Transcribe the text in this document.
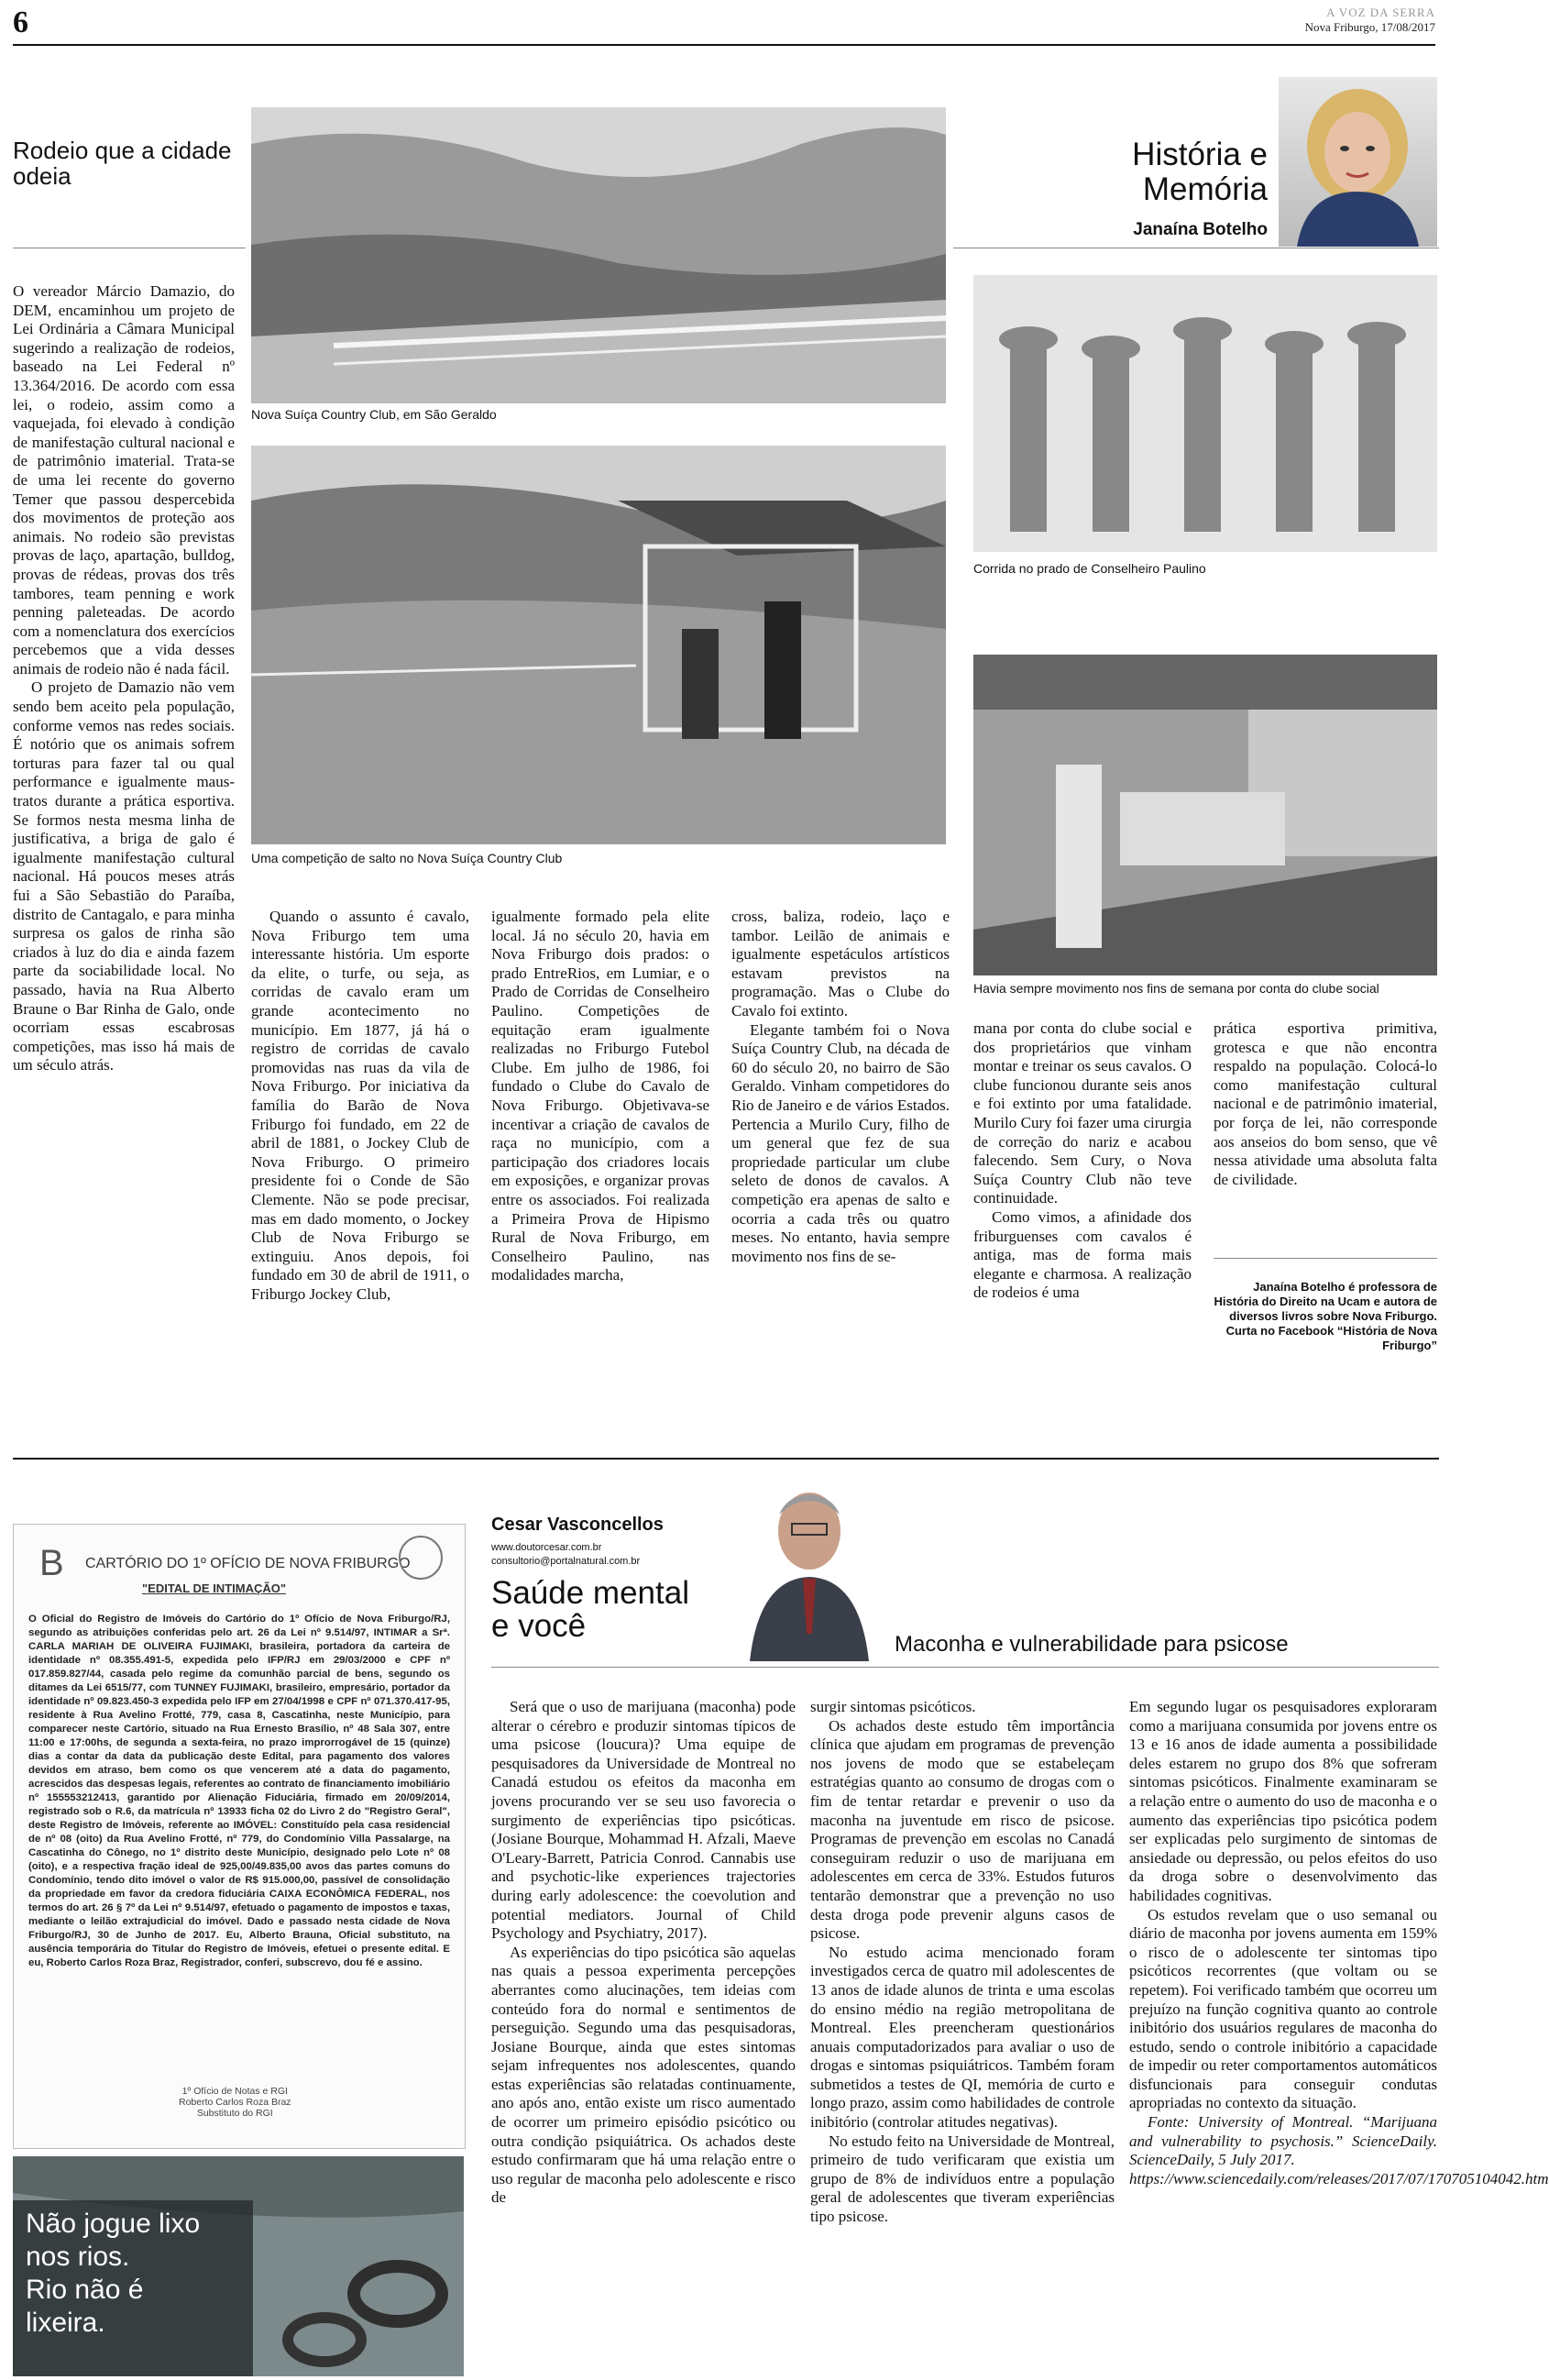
6	A VOZ DA SERRA
Nova Friburgo, 17/08/2017
Rodeio que a cidade odeia
História e
Memória
Janaína Botelho
Nova Suíça Country Club, em São Geraldo
Uma competição de salto no Nova Suíça Country Club
Corrida no prado de Conselheiro Paulino
Havia sempre movimento nos fins de semana por conta do clube social

O vereador Márcio Damazio, do DEM, encaminhou um projeto de Lei Ordinária a Câmara Municipal sugerindo a realização de rodeios, baseado na Lei Federal nº 13.364/2016. De acordo com essa lei, o rodeio, assim como a vaquejada, foi elevado à condição de manifestação cultural nacional e de patrimônio imaterial. Trata-se de uma lei recente do governo Temer que passou despercebida dos movimentos de proteção aos animais. No rodeio são previstas provas de laço, apartação, bulldog, provas de rédeas, provas dos três tambores, team penning e work penning paleteadas. De acordo com a nomenclatura dos exercícios percebemos que a vida desses animais de rodeio não é nada fácil.

O projeto de Damazio não vem sendo bem aceito pela população, conforme vemos nas redes sociais. É notório que os animais sofrem torturas para fazer tal ou qual performance e igualmente maus-tratos durante a prática esportiva. Se formos nesta mesma linha de justificativa, a briga de galo é igualmente manifestação cultural nacional. Há poucos meses atrás fui a São Sebastião do Paraíba, distrito de Cantagalo, e para minha surpresa os galos de rinha são criados à luz do dia e ainda fazem parte da sociabilidade local. No passado, havia na Rua Alberto Braune o Bar Rinha de Galo, onde ocorriam essas escabrosas competições, mas isso há mais de um século atrás.

Quando o assunto é cavalo, Nova Friburgo tem uma interessante história. Um esporte da elite, o turfe, ou seja, as corridas de cavalo eram um grande acontecimento no município. Em 1877, já há o registro de corridas de cavalo promovidas nas ruas da vila de Nova Friburgo. Por iniciativa da família do Barão de Nova Friburgo foi fundado, em 22 de abril de 1881, o Jockey Club de Nova Friburgo. O primeiro presidente foi o Conde de São Clemente. Não se pode precisar, mas em dado momento, o Jockey Club de Nova Friburgo se extinguiu. Anos depois, foi fundado em 30 de abril de 1911, o Friburgo Jockey Club,

igualmente formado pela elite local. Já no século 20, havia em Nova Friburgo dois prados: o prado EntreRios, em Lumiar, e o Prado de Corridas de Conselheiro Paulino. Competições de equitação eram igualmente realizadas no Friburgo Futebol Clube. Em julho de 1986, foi fundado o Clube do Cavalo de Nova Friburgo. Objetivava-se incentivar a criação de cavalos de raça no município, com a participação dos criadores locais em exposições, e organizar provas entre os associados. Foi realizada a Primeira Prova de Hipismo Rural de Nova Friburgo, em Conselheiro Paulino, nas modalidades marcha,

cross, baliza, rodeio, laço e tambor. Leilão de animais e igualmente espetáculos artísticos estavam previstos na programação. Mas o Clube do Cavalo foi extinto.

Elegante também foi o Nova Suíça Country Club, na década de 60 do século 20, no bairro de São Geraldo. Vinham competidores do Rio de Janeiro e de vários Estados. Pertencia a Murilo Cury, filho de um general que fez de sua propriedade particular um clube seleto de donos de cavalos. A competição era apenas de salto e ocorria a cada três ou quatro meses. No entanto, havia sempre movimento nos fins de se-

mana por conta do clube social e dos proprietários que vinham montar e treinar os seus cavalos. O clube funcionou durante seis anos e foi extinto por uma fatalidade. Murilo Cury foi fazer uma cirurgia de correção do nariz e acabou falecendo. Sem Cury, o Nova Suíça Country Club não teve continuidade.

Como vimos, a afinidade dos friburguenses com cavalos é antiga, mas de forma mais elegante e charmosa. A realização de rodeios é uma

prática esportiva primitiva, grotesca e que não encontra respaldo na população. Colocá-lo como manifestação cultural nacional e de patrimônio imaterial, por força de lei, não corresponde aos anseios do bom senso, que vê nessa atividade uma absoluta falta de civilidade.

Janaína Botelho é professora de História do Direito na Ucam e autora de diversos livros sobre Nova Friburgo. Curta no Facebook “História de Nova Friburgo”
B CARTÓRIO DO 1º OFÍCIO DE NOVA FRIBURGO
"EDITAL DE INTIMAÇÃO"

O Oficial do Registro de Imóveis do Cartório do 1º Ofício de Nova Friburgo/RJ, segundo as atribuições conferidas pelo art. 26 da Lei nº 9.514/97, INTIMAR a Srª. CARLA MARIAH DE OLIVEIRA FUJIMAKI, brasileira, portadora da carteira de identidade nº 08.355.491-5, expedida pelo IFP/RJ em 29/03/2000 e CPF nº 017.859.827/44, casada pelo regime da comunhão parcial de bens, segundo os ditames da Lei 6515/77, com TUNNEY FUJIMAKI, brasileiro, empresário, portador da identidade nº 09.823.450-3 expedida pelo IFP em 27/04/1998 e CPF nº 071.370.417-95, residente à Rua Avelino Frotté, 779, casa 8, Cascatinha, neste Município, para comparecer neste Cartório, situado na Rua Ernesto Brasílio, nº 48 Sala 307, entre 11:00 e 17:00hs, de segunda a sexta-feira, no prazo improrrogável de 15 (quinze) dias a contar da data da publicação deste Edital, para pagamento dos valores devidos em atraso, bem como os que vencerem até a data do pagamento, acrescidos das despesas legais, referentes ao contrato de financiamento imobiliário nº 155553212413, garantido por Alienação Fiduciária, firmado em 20/09/2014, registrado sob o R.6, da matrícula nº 13933 ficha 02 do Livro 2 do "Registro Geral", deste Registro de Imóveis, referente ao IMÓVEL: Constituído pela casa residencial de nº 08 (oito) da Rua Avelino Frotté, nº 779, do Condomínio Villa Passalarge, na Cascatinha do Cônego, no 1º distrito deste Município, designado pelo Lote nº 08 (oito), e a respectiva fração ideal de 925,00/49.835,00 avos das partes comuns do Condomínio, tendo dito imóvel o valor de R$ 915.000,00, passível de consolidação da propriedade em favor da credora fiduciária CAIXA ECONÔMICA FEDERAL, nos termos do art. 26 § 7º da Lei nº 9.514/97, efetuado o pagamento de impostos e taxas, mediante o leilão extrajudicial do imóvel. Dado e passado nesta cidade de Nova Friburgo/RJ, 30 de Junho de 2017. Eu, Alberto Brauna, Oficial substituto, na ausência temporária do Titular do Registro de Imóveis, efetuei o presente edital. E eu, Roberto Carlos Roza Braz, Registrador, conferi, subscrevo, dou fé e assino.

1º Ofício de Notas e RGI
Roberto Carlos Roza Braz
Substituto do RGI
Não jogue lixo
nos rios.
Rio não é
lixeira.
Cesar Vasconcellos
www.doutorcesar.com.br
consultorio@portalnatural.com.br
Saúde mental
e você
Maconha e vulnerabilidade para psicose

Será que o uso de marijuana (maconha) pode alterar o cérebro e produzir sintomas típicos de uma psicose (loucura)? Uma equipe de pesquisadores da Universidade de Montreal no Canadá estudou os efeitos da maconha em jovens procurando ver se seu uso favorecia o surgimento de experiências tipo psicóticas. (Josiane Bourque, Mohammad H. Afzali, Maeve O'Leary-Barrett, Patricia Conrod. Cannabis use and psychotic-like experiences trajectories during early adolescence: the coevolution and potential mediators. Journal of Child Psychology and Psychiatry, 2017).

As experiências do tipo psicótica são aquelas nas quais a pessoa experimenta percepções aberrantes como alucinações, tem ideias com conteúdo fora do normal e sentimentos de perseguição. Segundo uma das pesquisadoras, Josiane Bourque, ainda que estes sintomas sejam infrequentes nos adolescentes, quando estas experiências são relatadas continuamente, ano após ano, então existe um risco aumentado de ocorrer um primeiro episódio psicótico ou outra condição psiquiátrica. Os achados deste estudo confirmaram que há uma relação entre o uso regular de maconha pelo adolescente e risco de

surgir sintomas psicóticos.

Os achados deste estudo têm importância clínica que ajudam em programas de prevenção nos jovens de modo que se estabeleçam estratégias quanto ao consumo de drogas com o fim de tentar retardar e prevenir o uso da maconha na juventude em risco de psicose. Programas de prevenção em escolas no Canadá conseguiram reduzir o uso de marijuana em adolescentes em cerca de 33%. Estudos futuros tentarão demonstrar que a prevenção no uso desta droga pode prevenir alguns casos de psicose.

No estudo acima mencionado foram investigados cerca de quatro mil adolescentes de 13 anos de idade alunos de trinta e uma escolas do ensino médio na região metropolitana de Montreal. Eles preencheram questionários anuais computadorizados para avaliar o uso de drogas e sintomas psiquiátricos. Também foram submetidos a testes de QI, memória de curto e longo prazo, assim como habilidades de controle inibitório (controlar atitudes negativas).

No estudo feito na Universidade de Montreal, primeiro de tudo verificaram que existia um grupo de 8% de indivíduos entre a população geral de adolescentes que tiveram experiências tipo psicose.

Em segundo lugar os pesquisadores exploraram como a marijuana consumida por jovens entre os 13 e 16 anos de idade aumenta a possibilidade deles estarem no grupo dos 8% que sofreram sintomas psicóticos. Finalmente examinaram se a relação entre o aumento do uso de maconha e o aumento das experiências tipo psicótica podem ser explicadas pelo surgimento de sintomas de ansiedade ou depressão, ou pelos efeitos do uso da droga sobre o desenvolvimento das habilidades cognitivas.

Os estudos revelam que o uso semanal ou diário de maconha por jovens aumenta em 159% o risco de o adolescente ter sintomas tipo psicóticos recorrentes (que voltam ou se repetem). Foi verificado também que ocorreu um prejuízo na função cognitiva quanto ao controle inibitório dos usuários regulares de maconha do estudo, sendo o controle inibitório a capacidade de impedir ou reter comportamentos automáticos disfuncionais para conseguir condutas apropriadas no contexto da situação.

Fonte: University of Montreal. “Marijuana and vulnerability to psychosis.” ScienceDaily. ScienceDaily, 5 July 2017.

https://www.sciencedaily.com/releases/2017/07/170705104042.htm
